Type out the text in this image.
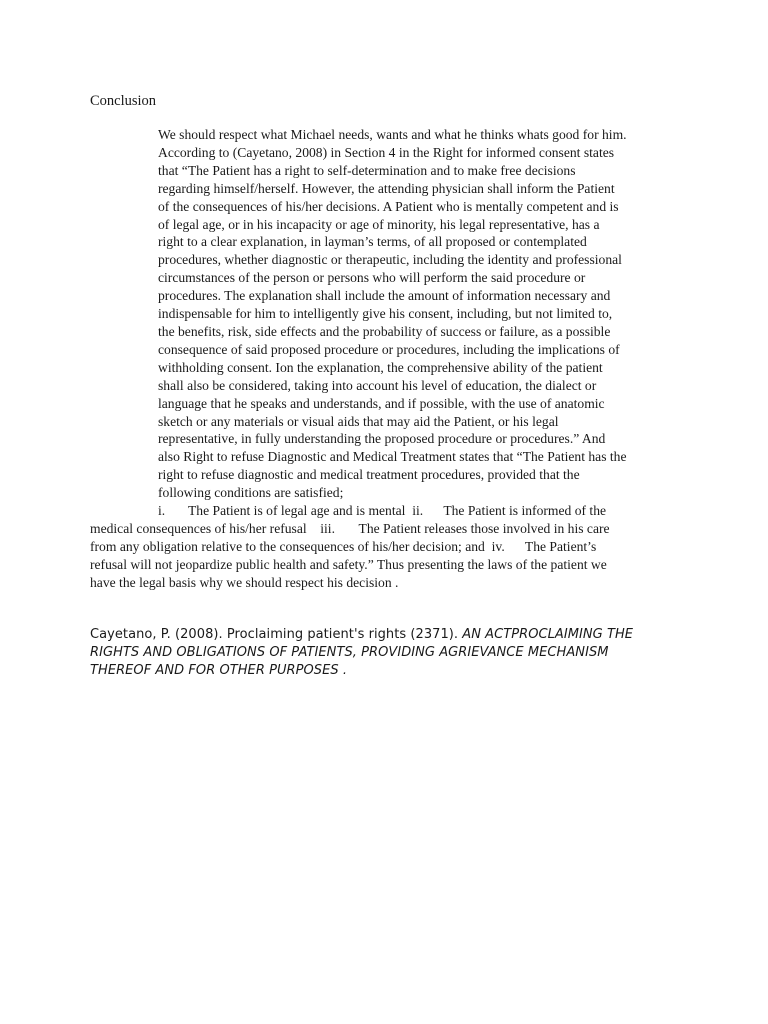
Conclusion
We should respect what Michael needs, wants and what he thinks whats good for him.
According to (Cayetano, 2008) in Section 4 in the Right for informed consent states
that “The Patient has a right to self-determination and to make free decisions
regarding himself/herself. However, the attending physician shall inform the Patient
of the consequences of his/her decisions. A Patient who is mentally competent and is
of legal age, or in his incapacity or age of minority, his legal representative, has a
right to a clear explanation, in layman’s terms, of all proposed or contemplated
procedures, whether diagnostic or therapeutic, including the identity and professional
circumstances of the person or persons who will perform the said procedure or
procedures. The explanation shall include the amount of information necessary and
indispensable for him to intelligently give his consent, including, but not limited to,
the benefits, risk, side effects and the probability of success or failure, as a possible
consequence of said proposed procedure or procedures, including the implications of
withholding consent. Ion the explanation, the comprehensive ability of the patient
shall also be considered, taking into account his level of education, the dialect or
language that he speaks and understands, and if possible, with the use of anatomic
sketch or any materials or visual aids that may aid the Patient, or his legal
representative, in fully understanding the proposed procedure or procedures.” And
also Right to refuse Diagnostic and Medical Treatment states that “The Patient has the
right to refuse diagnostic and medical treatment procedures, provided that the
following conditions are satisfied;
i. The Patient is of legal age and is mental  ii.      The Patient is informed of the
medical consequences of his/her refusal    iii.       The Patient releases those involved in his care
from any obligation relative to the consequences of his/her decision; and  iv.      The Patient’s
refusal will not jeopardize public health and safety.” Thus presenting the laws of the patient we
have the legal basis why we should respect his decision .
Cayetano, P. (2008). Proclaiming patient's rights (2371). AN ACTPROCLAIMING THE
RIGHTS AND OBLIGATIONS OF PATIENTS, PROVIDING AGRIEVANCE MECHANISM
THEREOF AND FOR OTHER PURPOSES .
